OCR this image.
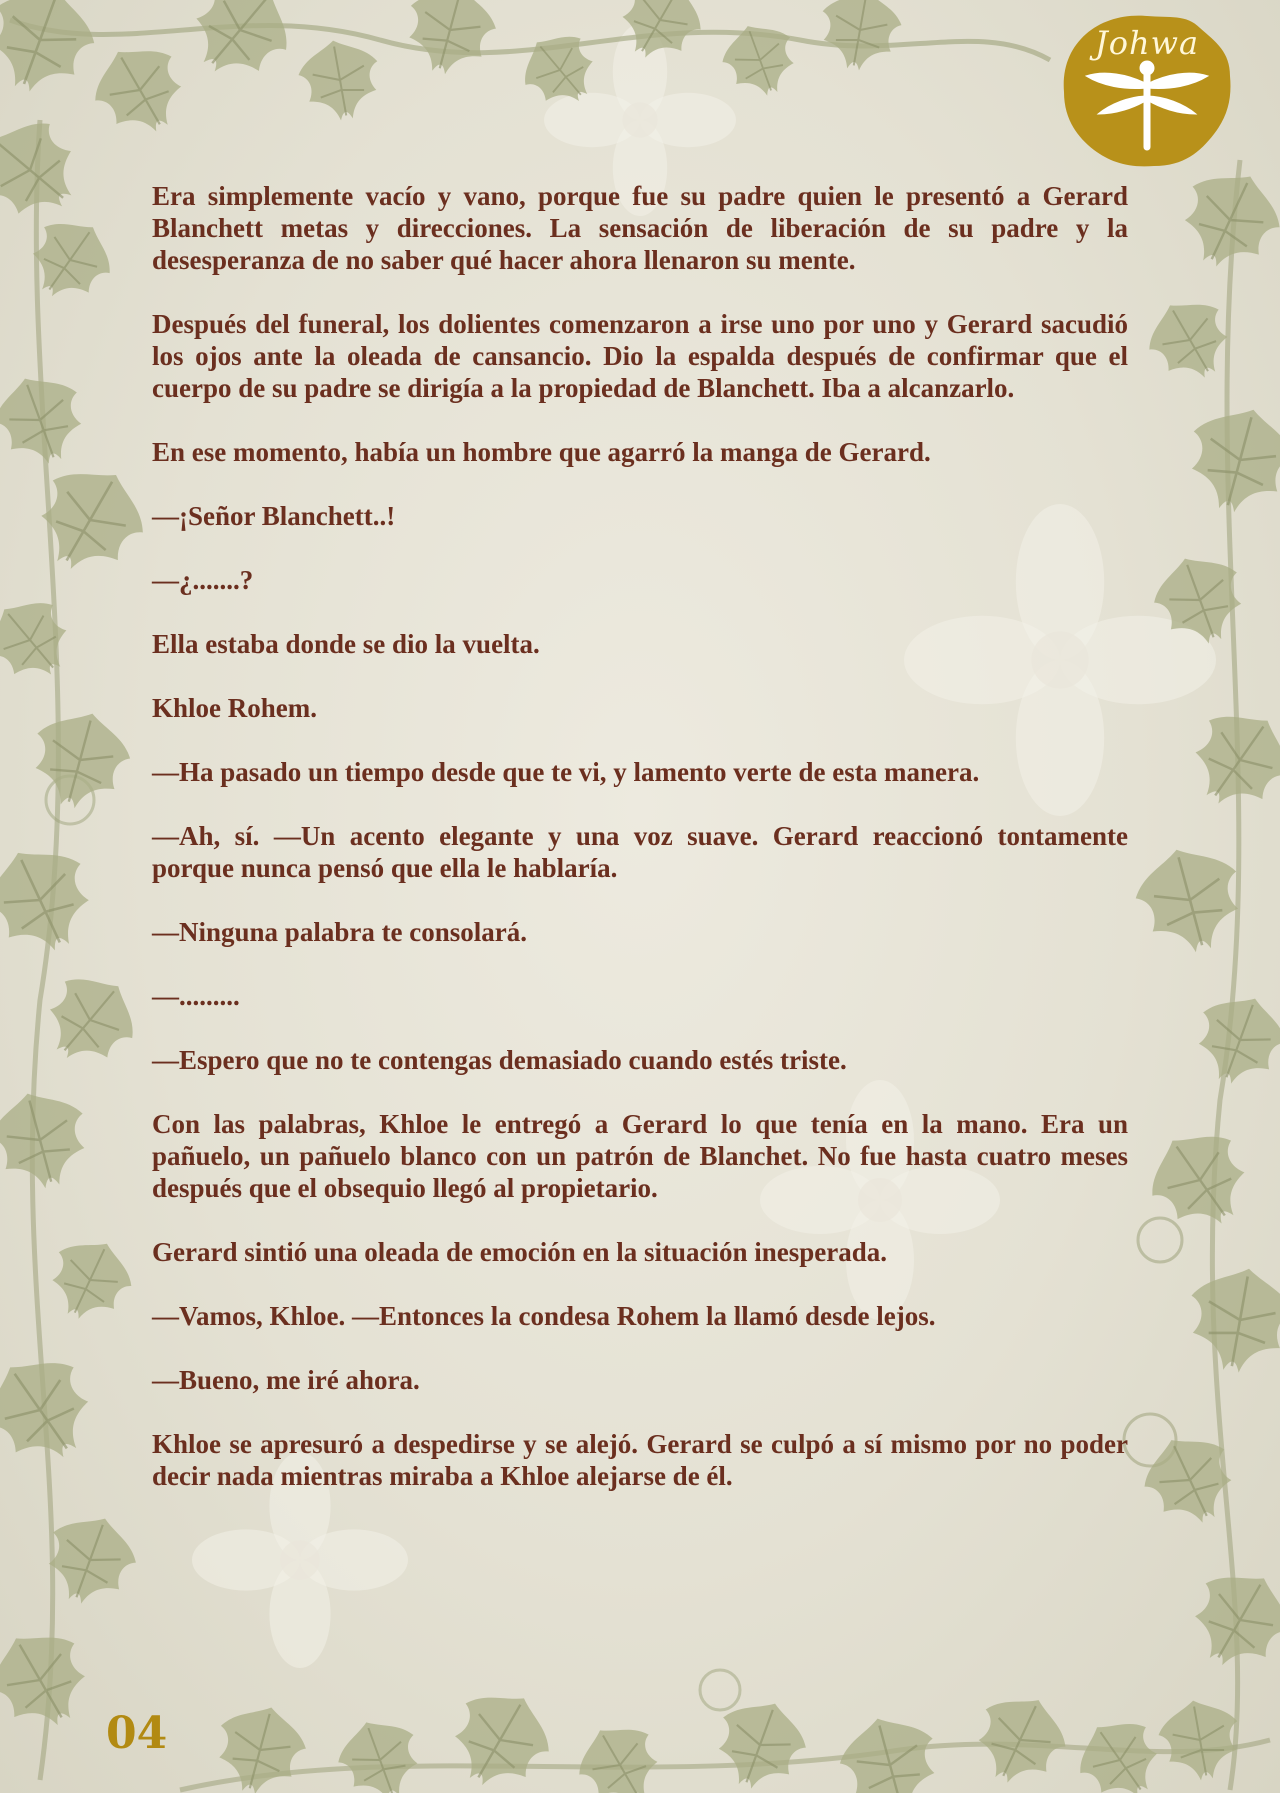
Johwa

Era simplemente vacío y vano, porque fue su padre quien le presentó a Gerard Blanchett metas y direcciones. La sensación de liberación de su padre y la desesperanza de no saber qué hacer ahora llenaron su mente.

Después del funeral, los dolientes comenzaron a irse uno por uno y Gerard sacudió los ojos ante la oleada de cansancio. Dio la espalda después de confirmar que el cuerpo de su padre se dirigía a la propiedad de Blanchett. Iba a alcanzarlo.

En ese momento, había un hombre que agarró la manga de Gerard.

—¡Señor Blanchett..!

—¿.......?

Ella estaba donde se dio la vuelta.

Khloe Rohem.

—Ha pasado un tiempo desde que te vi, y lamento verte de esta manera.

—Ah, sí. —Un acento elegante y una voz suave. Gerard reaccionó tontamente porque nunca pensó que ella le hablaría.

—Ninguna palabra te consolará.

—.........

—Espero que no te contengas demasiado cuando estés triste.

Con las palabras, Khloe le entregó a Gerard lo que tenía en la mano. Era un pañuelo, un pañuelo blanco con un patrón de Blanchet. No fue hasta cuatro meses después que el obsequio llegó al propietario.

Gerard sintió una oleada de emoción en la situación inesperada.

—Vamos, Khloe. —Entonces la condesa Rohem la llamó desde lejos.

—Bueno, me iré ahora.

Khloe se apresuró a despedirse y se alejó. Gerard se culpó a sí mismo por no poder decir nada mientras miraba a Khloe alejarse de él.

04
